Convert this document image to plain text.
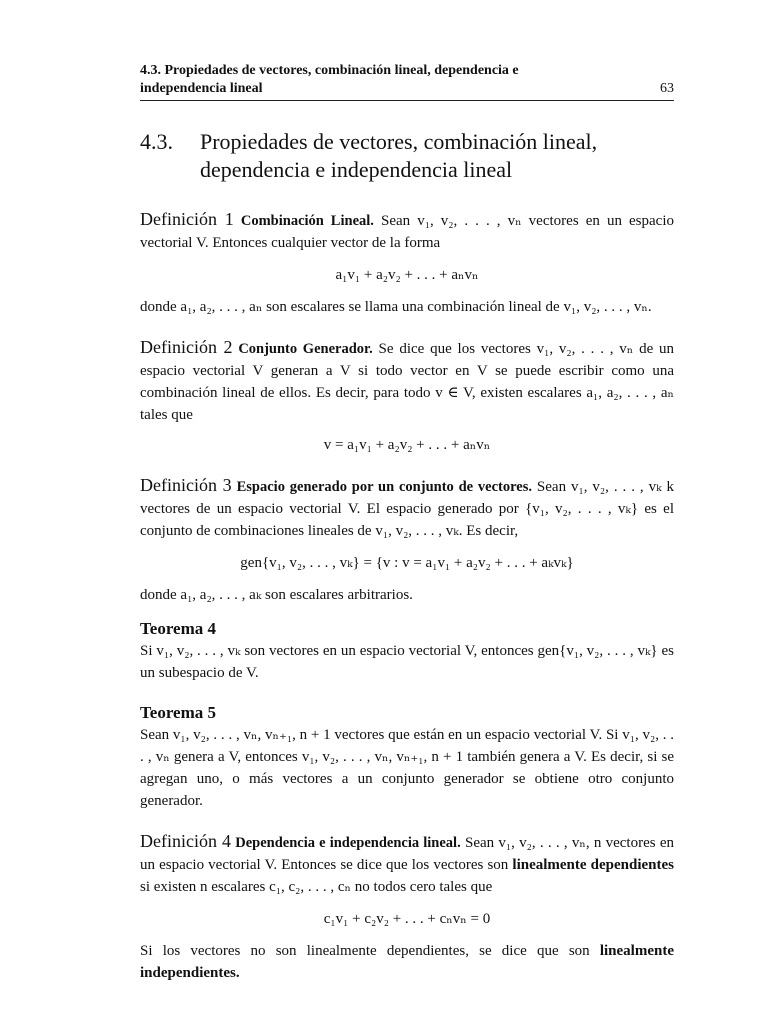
4.3. Propiedades de vectores, combinación lineal, dependencia e
independencia lineal	63
4.3. Propiedades de vectores, combinación lineal, dependencia e independencia lineal
Definición 1 Combinación Lineal. Sean v₁, v₂, . . . , vₙ vectores en un espacio vectorial V. Entonces cualquier vector de la forma
a₁v₁ + a₂v₂ + . . . + aₙvₙ
donde a₁, a₂, . . . , aₙ son escalares se llama una combinación lineal de v₁, v₂, . . . , vₙ.
Definición 2 Conjunto Generador. Se dice que los vectores v₁, v₂, . . . , vₙ de un espacio vectorial V generan a V si todo vector en V se puede escribir como una combinación lineal de ellos. Es decir, para todo v ∈ V, existen escalares a₁, a₂, . . . , aₙ tales que
v = a₁v₁ + a₂v₂ + . . . + aₙvₙ
Definición 3 Espacio generado por un conjunto de vectores. Sean v₁, v₂, . . . , vₖ k vectores de un espacio vectorial V. El espacio generado por {v₁, v₂, . . . , vₖ} es el conjunto de combinaciones lineales de v₁, v₂, . . . , vₖ. Es decir,
gen{v₁, v₂, . . . , vₖ} = {v : v = a₁v₁ + a₂v₂ + . . . + aₖvₖ}
donde a₁, a₂, . . . , aₖ son escalares arbitrarios.
Teorema 4
Si v₁, v₂, . . . , vₖ son vectores en un espacio vectorial V, entonces gen{v₁, v₂, . . . , vₖ} es un subespacio de V.
Teorema 5
Sean v₁, v₂, . . . , vₙ, vₙ₊₁, n + 1 vectores que están en un espacio vectorial V. Si v₁, v₂, . . . , vₙ genera a V, entonces v₁, v₂, . . . , vₙ, vₙ₊₁, n + 1 también genera a V. Es decir, si se agregan uno, o más vectores a un conjunto generador se obtiene otro conjunto generador.
Definición 4 Dependencia e independencia lineal. Sean v₁, v₂, . . . , vₙ, n vectores en un espacio vectorial V. Entonces se dice que los vectores son linealmente dependientes si existen n escalares c₁, c₂, . . . , cₙ no todos cero tales que
c₁v₁ + c₂v₂ + . . . + cₙvₙ = 0
Si los vectores no son linealmente dependientes, se dice que son linealmente independientes.
